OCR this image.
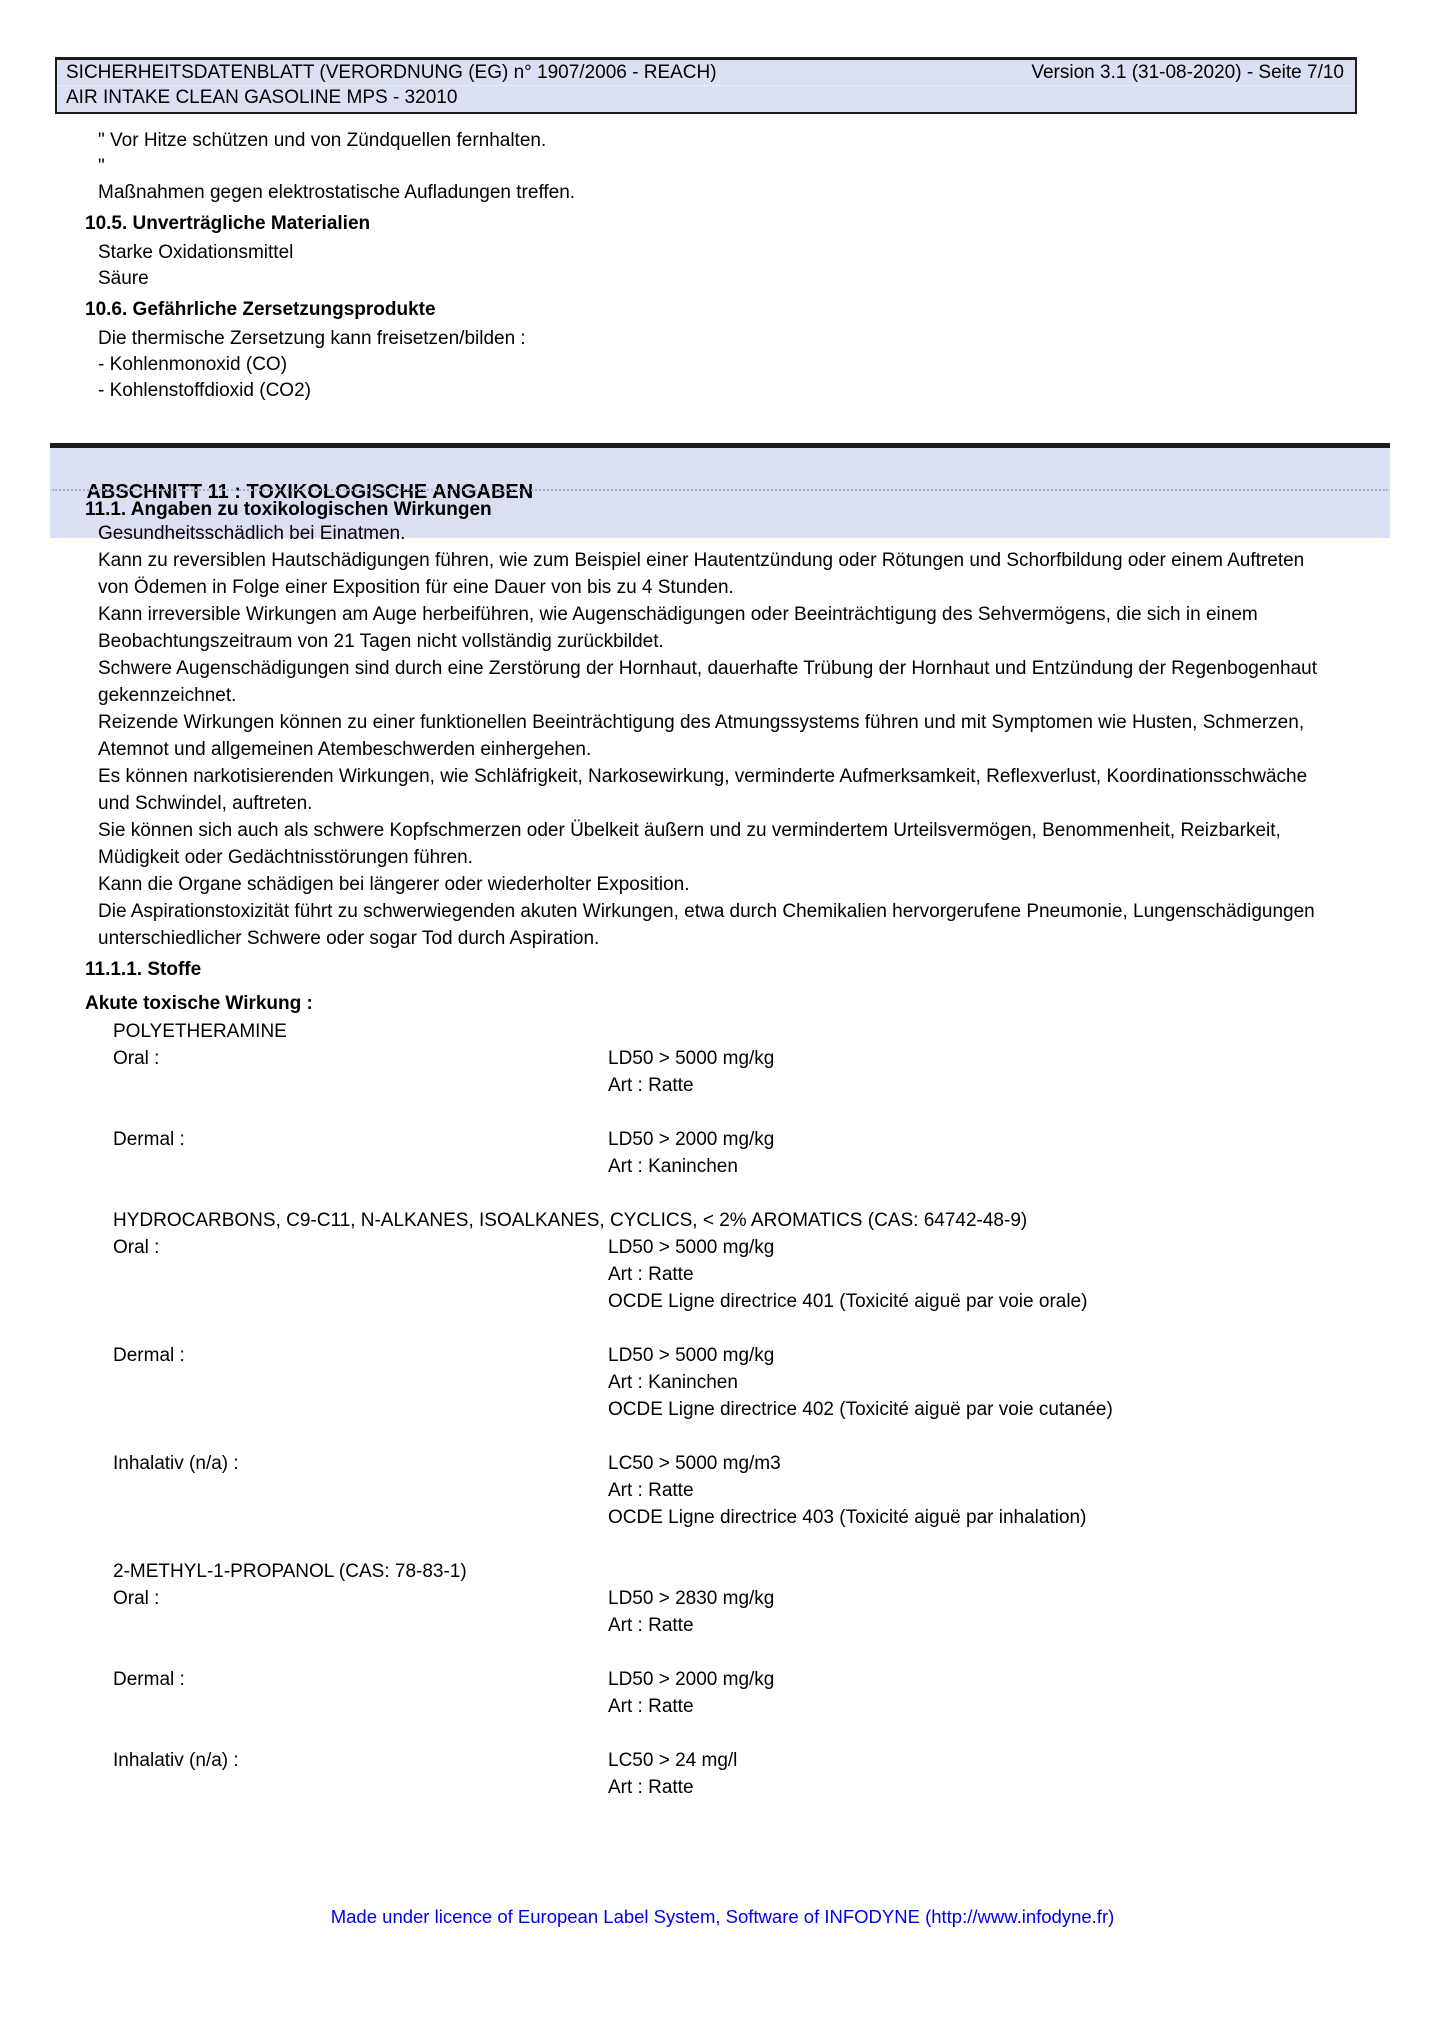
SICHERHEITSDATENBLATT (VERORDNUNG (EG) n° 1907/2006 - REACH)	Version 3.1 (31-08-2020) - Seite 7/10
AIR INTAKE CLEAN GASOLINE MPS - 32010
" Vor Hitze schützen und von Zündquellen fernhalten.
"
Maßnahmen gegen elektrostatische Aufladungen treffen.
10.5. Unverträgliche Materialien
Starke Oxidationsmittel
Säure
10.6. Gefährliche Zersetzungsprodukte
Die thermische Zersetzung kann freisetzen/bilden :
- Kohlenmonoxid (CO)
- Kohlenstoffdioxid (CO2)

ABSCHNITT 11 : TOXIKOLOGISCHE ANGABEN

11.1. Angaben zu toxikologischen Wirkungen
Gesundheitsschädlich bei Einatmen.
Kann zu reversiblen Hautschädigungen führen, wie zum Beispiel einer Hautentzündung oder Rötungen und Schorfbildung oder einem Auftreten
von Ödemen in Folge einer Exposition für eine Dauer von bis zu 4 Stunden.
Kann irreversible Wirkungen am Auge herbeiführen, wie Augenschädigungen oder Beeinträchtigung des Sehvermögens, die sich in einem
Beobachtungszeitraum von 21 Tagen nicht vollständig zurückbildet.
Schwere Augenschädigungen sind durch eine Zerstörung der Hornhaut, dauerhafte Trübung der Hornhaut und Entzündung der Regenbogenhaut
gekennzeichnet.
Reizende Wirkungen können zu einer funktionellen Beeinträchtigung des Atmungssystems führen und mit Symptomen wie Husten, Schmerzen,
Atemnot und allgemeinen Atembeschwerden einhergehen.
Es können narkotisierenden Wirkungen, wie Schläfrigkeit, Narkosewirkung, verminderte Aufmerksamkeit, Reflexverlust, Koordinationsschwäche
und Schwindel, auftreten.
Sie können sich auch als schwere Kopfschmerzen oder Übelkeit äußern und zu vermindertem Urteilsvermögen, Benommenheit, Reizbarkeit,
Müdigkeit oder Gedächtnisstörungen führen.
Kann die Organe schädigen bei längerer oder wiederholter Exposition.
Die Aspirationstoxizität führt zu schwerwiegenden akuten Wirkungen, etwa durch Chemikalien hervorgerufene Pneumonie, Lungenschädigungen
unterschiedlicher Schwere oder sogar Tod durch Aspiration.
11.1.1. Stoffe
Akute toxische Wirkung :
POLYETHERAMINE
Oral :	LD50 > 5000 mg/kg
Art : Ratte
Dermal :	LD50 > 2000 mg/kg
Art : Kaninchen
HYDROCARBONS, C9-C11, N-ALKANES, ISOALKANES, CYCLICS, < 2% AROMATICS (CAS: 64742-48-9)
Oral :	LD50 > 5000 mg/kg
Art : Ratte
OCDE Ligne directrice 401 (Toxicité aiguë par voie orale)
Dermal :	LD50 > 5000 mg/kg
Art : Kaninchen
OCDE Ligne directrice 402 (Toxicité aiguë par voie cutanée)
Inhalativ (n/a) :	LC50 > 5000 mg/m3
Art : Ratte
OCDE Ligne directrice 403 (Toxicité aiguë par inhalation)
2-METHYL-1-PROPANOL (CAS: 78-83-1)
Oral :	LD50 > 2830 mg/kg
Art : Ratte
Dermal :	LD50 > 2000 mg/kg
Art : Ratte
Inhalativ (n/a) :	LC50 > 24 mg/l
Art : Ratte
Made under licence of European Label System, Software of INFODYNE (http://www.infodyne.fr)
